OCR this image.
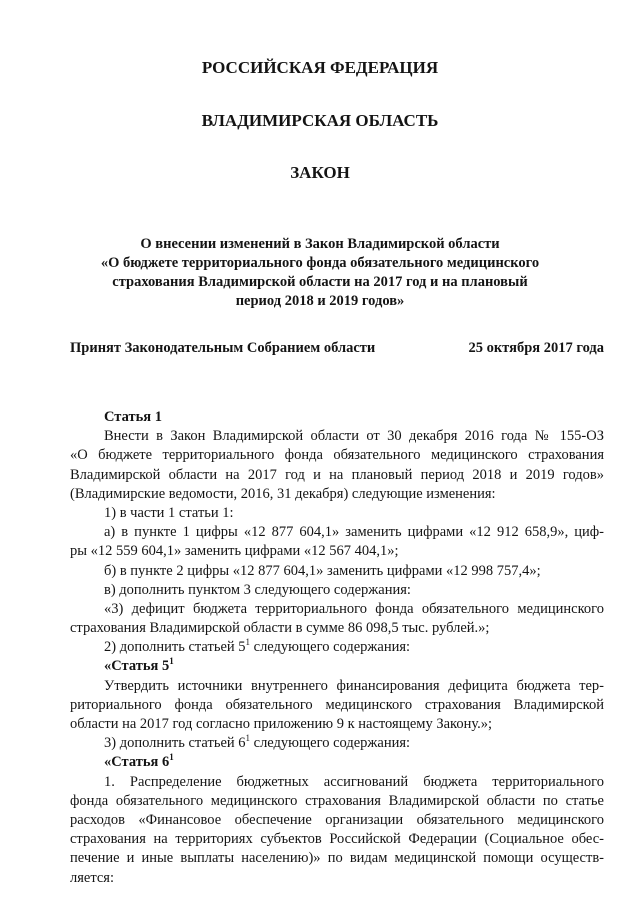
РОССИЙСКАЯ ФЕДЕРАЦИЯ
ВЛАДИМИРСКАЯ ОБЛАСТЬ
ЗАКОН
О внесении изменений в Закон Владимирской области
«О бюджете территориального фонда обязательного медицинского
страхования Владимирской области на 2017 год и на плановый
период 2018 и 2019 годов»
Принят Законодательным Собранием области	25 октября 2017 года
Статья 1
Внести в Закон Владимирской области от 30 декабря 2016 года № 155-ОЗ
«О бюджете территориального фонда обязательного медицинского страхования
Владимирской области на 2017 год и на плановый период 2018 и 2019 годов»
(Владимирские ведомости, 2016, 31 декабря) следующие изменения:
1) в части 1 статьи 1:
а) в пункте 1 цифры «12 877 604,1» заменить цифрами «12 912 658,9», циф-
ры «12 559 604,1» заменить цифрами «12 567 404,1»;
б) в пункте 2 цифры «12 877 604,1» заменить цифрами «12 998 757,4»;
в) дополнить пунктом 3 следующего содержания:
«3) дефицит бюджета территориального фонда обязательного медицинского
страхования Владимирской области в сумме 86 098,5 тыс. рублей.»;
2) дополнить статьей $5^1$ следующего содержания:
«Статья $5^1$
Утвердить источники внутреннего финансирования дефицита бюджета тер-
риториального фонда обязательного медицинского страхования Владимирской
области на 2017 год согласно приложению 9 к настоящему Закону.»;
3) дополнить статьей $6^1$ следующего содержания:
«Статья $6^1$
1. Распределение бюджетных ассигнований бюджета территориального
фонда обязательного медицинского страхования Владимирской области по статье
расходов «Финансовое обеспечение организации обязательного медицинского
страхования на территориях субъектов Российской Федерации (Социальное обес-
печение и иные выплаты населению)» по видам медицинской помощи осуществ-
ляется:
